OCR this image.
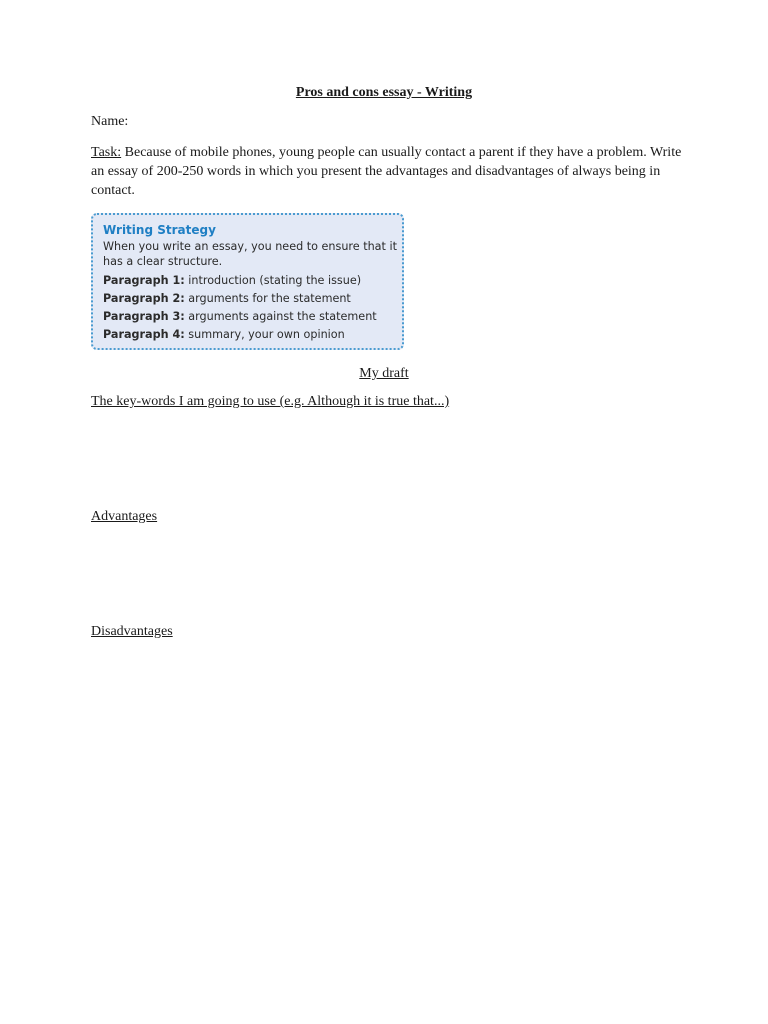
Pros and cons essay - Writing
Name:
Task: Because of mobile phones, young people can usually contact a parent if they have a problem. Write an essay of 200-250 words in which you present the advantages and disadvantages of always being in contact.
Writing Strategy
When you write an essay, you need to ensure that it has a clear structure.
Paragraph 1: introduction (stating the issue)
Paragraph 2: arguments for the statement
Paragraph 3: arguments against the statement
Paragraph 4: summary, your own opinion
My draft
The key-words I am going to use (e.g. Although it is true that...)
Advantages
Disadvantages
